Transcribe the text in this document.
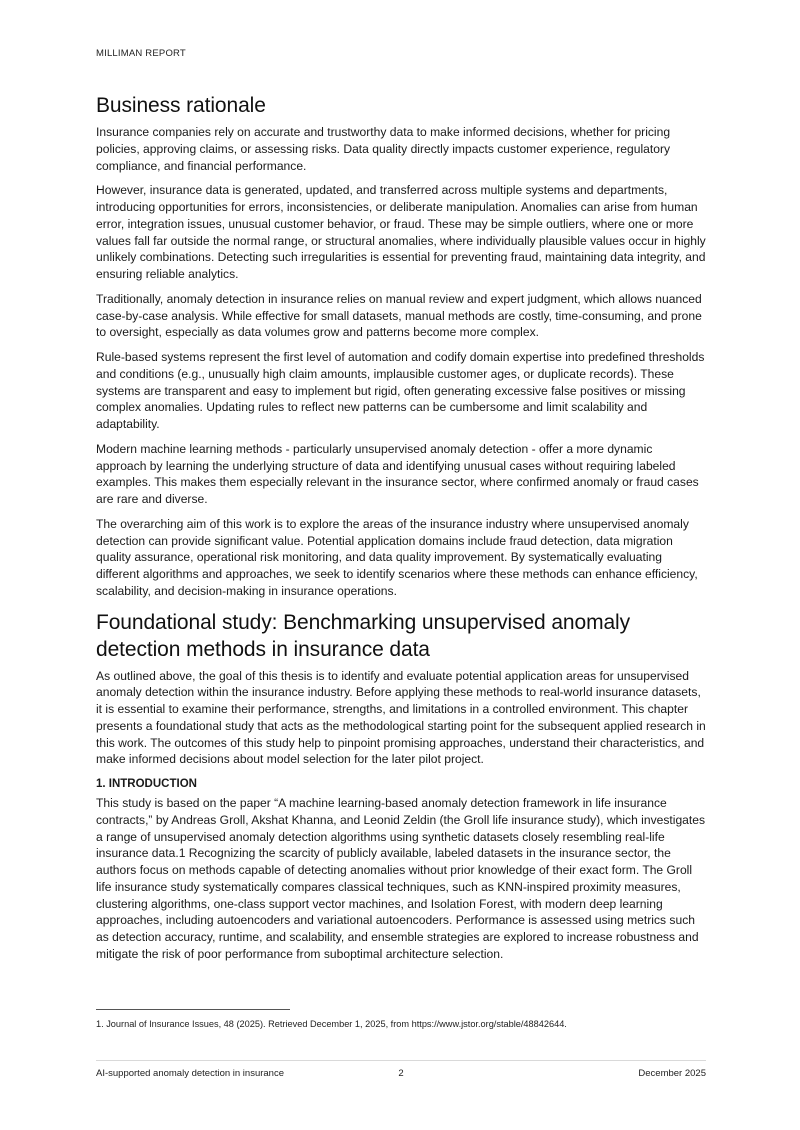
MILLIMAN REPORT
Business rationale

Insurance companies rely on accurate and trustworthy data to make informed decisions, whether for pricing policies, approving claims, or assessing risks. Data quality directly impacts customer experience, regulatory compliance, and financial performance.

However, insurance data is generated, updated, and transferred across multiple systems and departments, introducing opportunities for errors, inconsistencies, or deliberate manipulation. Anomalies can arise from human error, integration issues, unusual customer behavior, or fraud. These may be simple outliers, where one or more values fall far outside the normal range, or structural anomalies, where individually plausible values occur in highly unlikely combinations. Detecting such irregularities is essential for preventing fraud, maintaining data integrity, and ensuring reliable analytics.

Traditionally, anomaly detection in insurance relies on manual review and expert judgment, which allows nuanced case-by-case analysis. While effective for small datasets, manual methods are costly, time-consuming, and prone to oversight, especially as data volumes grow and patterns become more complex.

Rule-based systems represent the first level of automation and codify domain expertise into predefined thresholds and conditions (e.g., unusually high claim amounts, implausible customer ages, or duplicate records). These systems are transparent and easy to implement but rigid, often generating excessive false positives or missing complex anomalies. Updating rules to reflect new patterns can be cumbersome and limit scalability and adaptability.

Modern machine learning methods - particularly unsupervised anomaly detection - offer a more dynamic approach by learning the underlying structure of data and identifying unusual cases without requiring labeled examples. This makes them especially relevant in the insurance sector, where confirmed anomaly or fraud cases are rare and diverse.

The overarching aim of this work is to explore the areas of the insurance industry where unsupervised anomaly detection can provide significant value. Potential application domains include fraud detection, data migration quality assurance, operational risk monitoring, and data quality improvement. By systematically evaluating different algorithms and approaches, we seek to identify scenarios where these methods can enhance efficiency, scalability, and decision-making in insurance operations.

Foundational study: Benchmarking unsupervised anomaly detection methods in insurance data

As outlined above, the goal of this thesis is to identify and evaluate potential application areas for unsupervised anomaly detection within the insurance industry. Before applying these methods to real-world insurance datasets, it is essential to examine their performance, strengths, and limitations in a controlled environment. This chapter presents a foundational study that acts as the methodological starting point for the subsequent applied research in this work. The outcomes of this study help to pinpoint promising approaches, understand their characteristics, and make informed decisions about model selection for the later pilot project.

1. INTRODUCTION

This study is based on the paper “A machine learning-based anomaly detection framework in life insurance contracts,” by Andreas Groll, Akshat Khanna, and Leonid Zeldin (the Groll life insurance study), which investigates a range of unsupervised anomaly detection algorithms using synthetic datasets closely resembling real-life insurance data.1 Recognizing the scarcity of publicly available, labeled datasets in the insurance sector, the authors focus on methods capable of detecting anomalies without prior knowledge of their exact form. The Groll life insurance study systematically compares classical techniques, such as KNN-inspired proximity measures, clustering algorithms, one-class support vector machines, and Isolation Forest, with modern deep learning approaches, including autoencoders and variational autoencoders. Performance is assessed using metrics such as detection accuracy, runtime, and scalability, and ensemble strategies are explored to increase robustness and mitigate the risk of poor performance from suboptimal architecture selection.

1. Journal of Insurance Issues, 48 (2025). Retrieved December 1, 2025, from https://www.jstor.org/stable/48842644.
AI-supported anomaly detection in insurance	2	December 2025
